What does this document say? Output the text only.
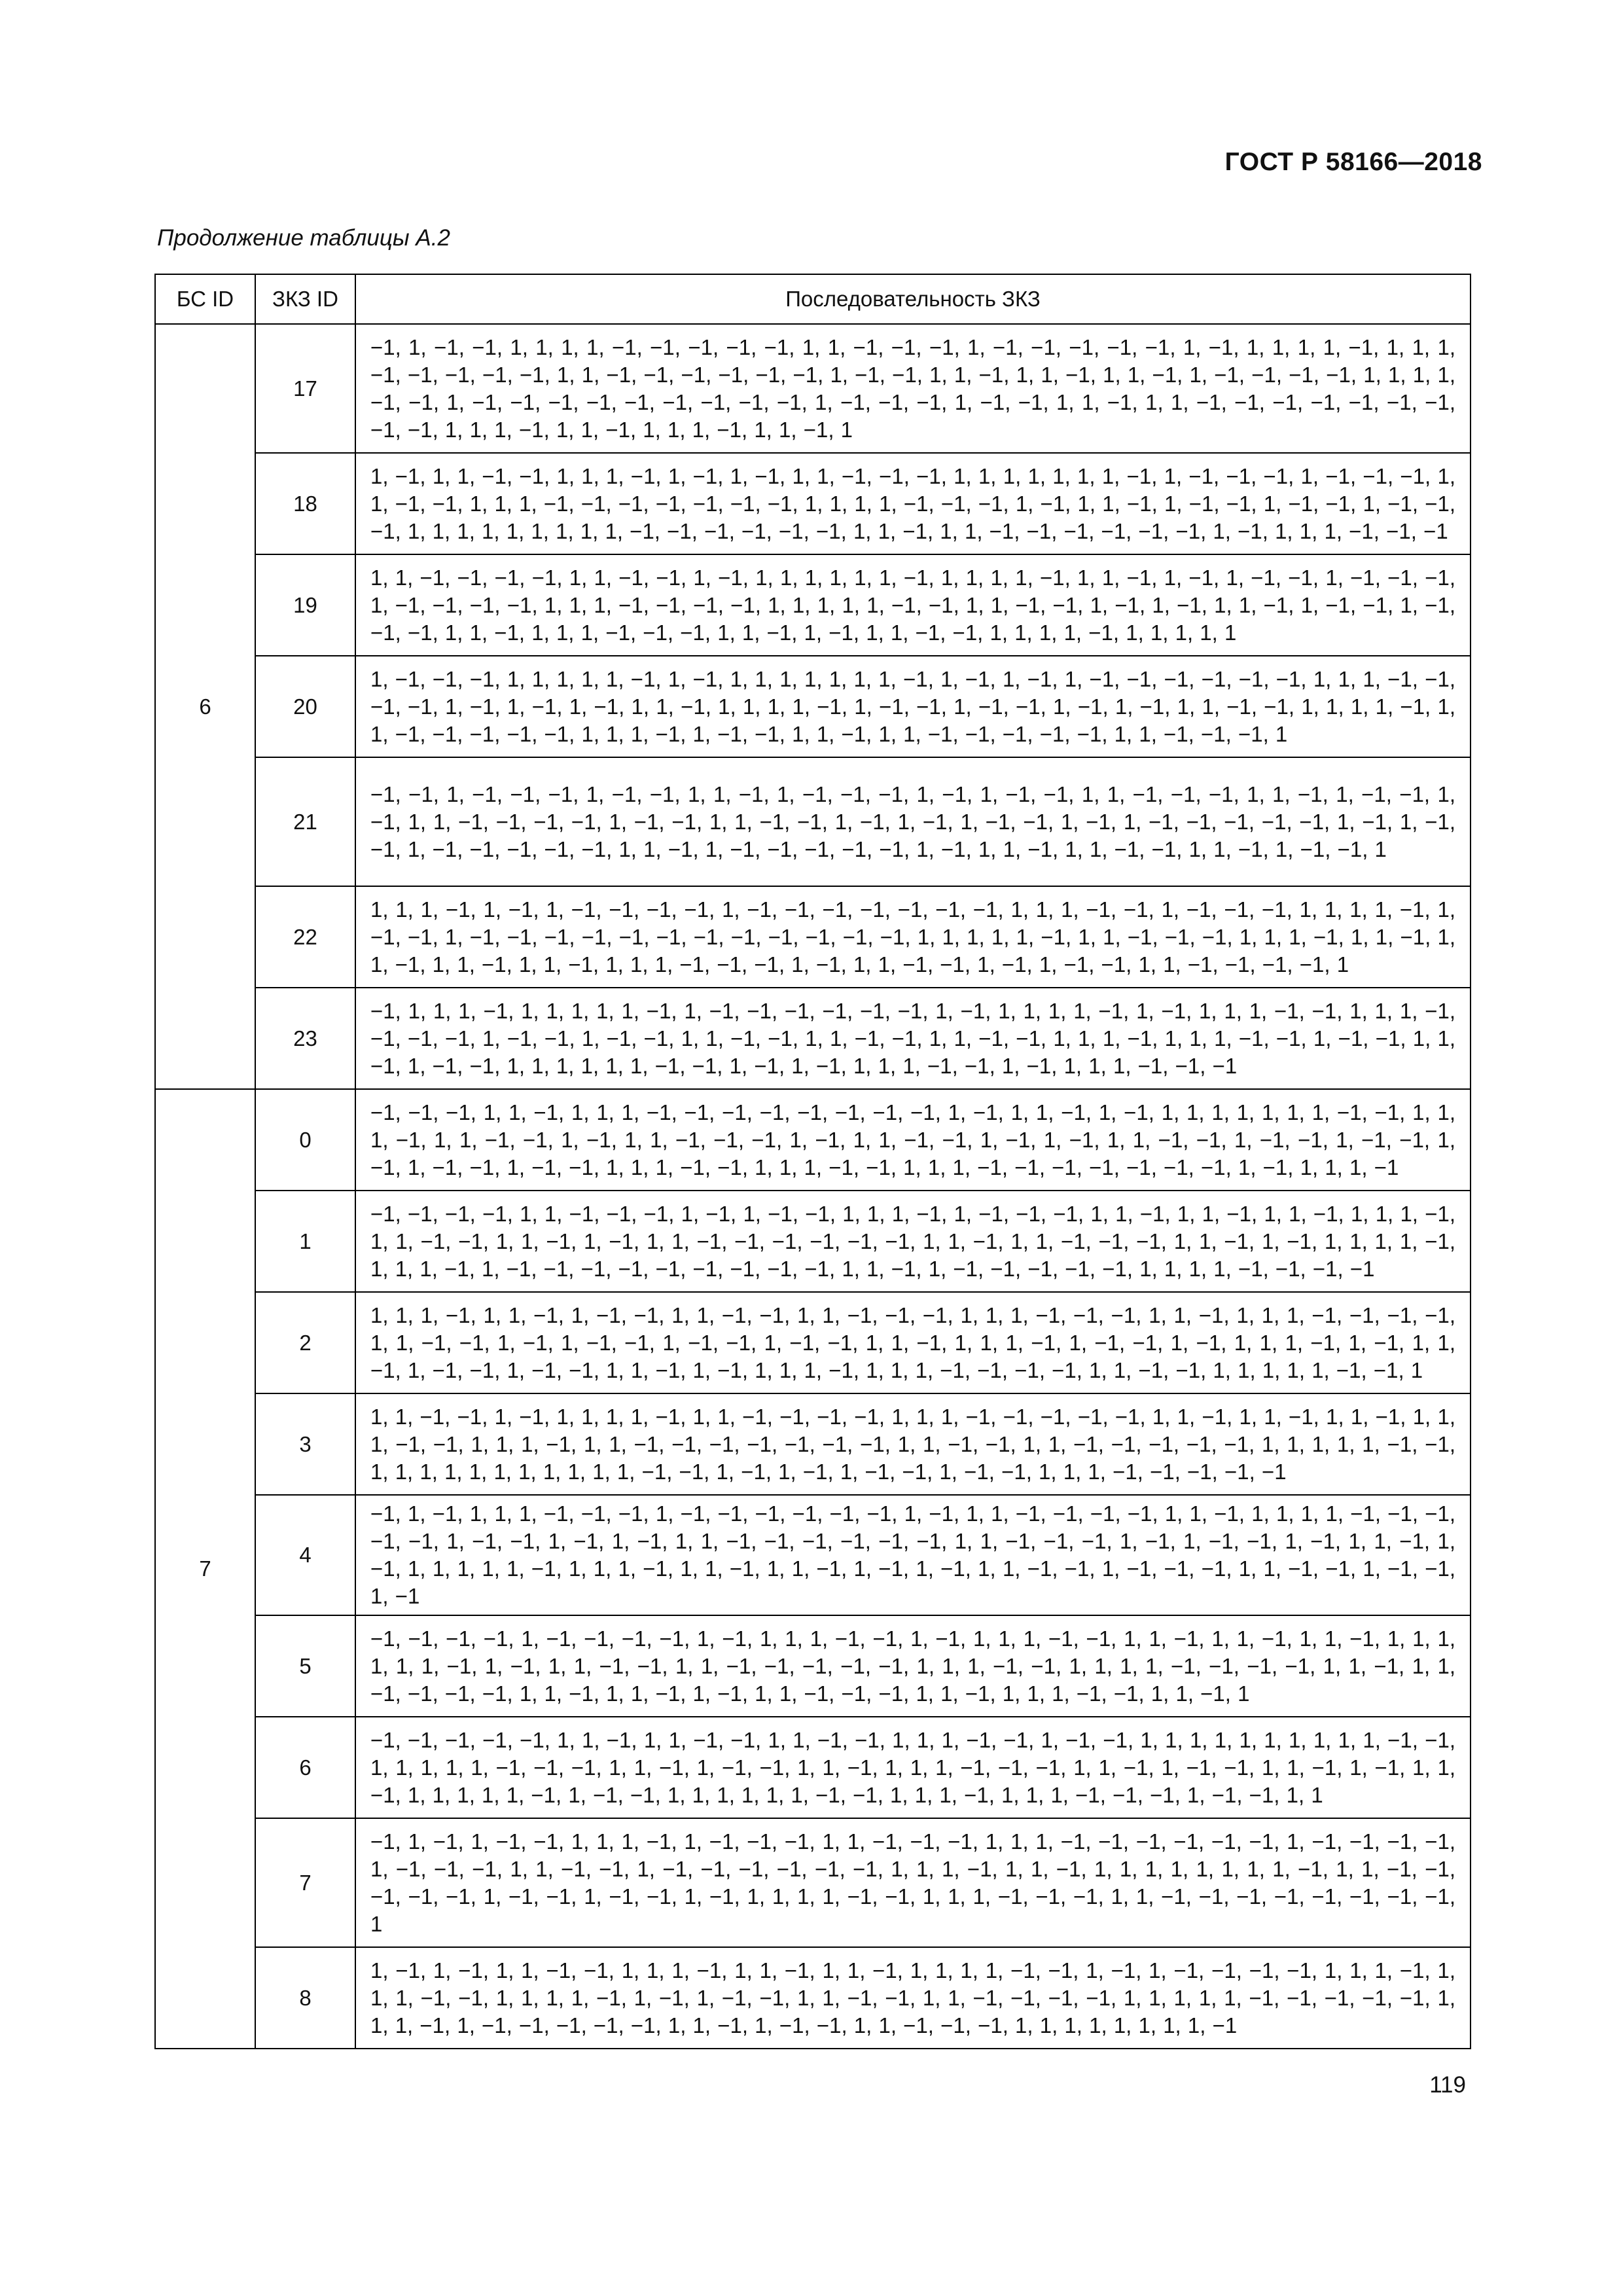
ГОСТ Р 58166—2018
Продолжение таблицы А.2
БС ID	ЗКЗ ID	Последовательность ЗКЗ
6	17	−1, 1, −1, −1, 1, 1, 1, 1, −1, −1, −1, −1, −1, 1, 1, −1, −1, −1, 1, −1, −1, −1, −1, −1, 1, −1, 1, 1, 1, 1, −1, 1, 1, 1, −1, −1, −1, −1, −1, 1, 1, −1, −1, −1, −1, −1, −1, 1, −1, −1, 1, 1, −1, 1, 1, −1, 1, 1, −1, 1, −1, −1, −1, −1, 1, 1, 1, 1, −1, −1, 1, −1, −1, −1, −1, −1, −1, −1, −1, −1, 1, −1, −1, −1, 1, −1, −1, 1, 1, −1, 1, 1, −1, −1, −1, −1, −1, −1, −1, −1, −1, 1, 1, 1, −1, 1, 1, −1, 1, 1, 1, −1, 1, 1, −1, 1
	18	1, −1, 1, 1, −1, −1, 1, 1, 1, −1, 1, −1, 1, −1, 1, 1, −1, −1, −1, 1, 1, 1, 1, 1, 1, 1, −1, 1, −1, −1, −1, 1, −1, −1, −1, 1, 1, −1, −1, 1, 1, 1, −1, −1, −1, −1, −1, −1, −1, 1, 1, 1, 1, −1, −1, −1, 1, −1, 1, 1, −1, 1, −1, −1, 1, −1, −1, 1, −1, −1, −1, 1, 1, 1, 1, 1, 1, 1, 1, 1, −1, −1, −1, −1, −1, −1, 1, 1, −1, 1, 1, −1, −1, −1, −1, −1, −1, 1, −1, 1, 1, 1, −1, −1, −1
	19	1, 1, −1, −1, −1, −1, 1, 1, −1, −1, 1, −1, 1, 1, 1, 1, 1, 1, −1, 1, 1, 1, 1, −1, 1, 1, −1, 1, −1, 1, −1, −1, 1, −1, −1, −1, 1, −1, −1, −1, −1, 1, 1, 1, −1, −1, −1, −1, 1, 1, 1, 1, 1, −1, −1, 1, 1, −1, −1, 1, −1, 1, −1, 1, 1, −1, 1, −1, −1, 1, −1, −1, −1, 1, 1, −1, 1, 1, 1, −1, −1, −1, 1, 1, −1, 1, −1, 1, 1, −1, −1, 1, 1, 1, 1, −1, 1, 1, 1, 1, 1
	20	1, −1, −1, −1, 1, 1, 1, 1, 1, −1, 1, −1, 1, 1, 1, 1, 1, 1, 1, −1, 1, −1, 1, −1, 1, −1, −1, −1, −1, −1, −1, 1, 1, 1, −1, −1, −1, −1, 1, −1, 1, −1, 1, −1, 1, 1, −1, 1, 1, 1, 1, −1, 1, −1, −1, 1, −1, −1, 1, −1, 1, −1, 1, 1, −1, −1, 1, 1, 1, 1, −1, 1, 1, −1, −1, −1, −1, −1, 1, 1, 1, −1, 1, −1, −1, 1, 1, −1, 1, 1, −1, −1, −1, −1, −1, 1, 1, −1, −1, −1, 1
	21	−1, −1, 1, −1, −1, −1, 1, −1, −1, 1, 1, −1, 1, −1, −1, −1, 1, −1, 1, −1, −1, 1, 1, −1, −1, −1, 1, 1, −1, 1, −1, −1, 1, −1, 1, 1, −1, −1, −1, −1, 1, −1, −1, 1, 1, −1, −1, 1, −1, 1, −1, 1, −1, −1, 1, −1, 1, −1, −1, −1, −1, −1, 1, −1, 1, −1, −1, 1, −1, −1, −1, −1, −1, 1, 1, −1, 1, −1, −1, −1, −1, −1, 1, −1, 1, 1, −1, 1, 1, −1, −1, 1, 1, −1, 1, −1, −1, 1
	22	1, 1, 1, −1, 1, −1, 1, −1, −1, −1, −1, 1, −1, −1, −1, −1, −1, −1, −1, 1, 1, 1, −1, −1, 1, −1, −1, −1, 1, 1, 1, 1, −1, 1, −1, −1, 1, −1, −1, −1, −1, −1, −1, −1, −1, −1, −1, −1, −1, 1, 1, 1, 1, 1, −1, 1, 1, −1, −1, −1, 1, 1, 1, −1, 1, 1, −1, 1, 1, −1, 1, 1, −1, 1, 1, −1, 1, 1, 1, −1, −1, −1, 1, −1, 1, 1, −1, −1, 1, −1, 1, −1, −1, 1, 1, −1, −1, −1, −1, 1
	23	−1, 1, 1, 1, −1, 1, 1, 1, 1, 1, −1, 1, −1, −1, −1, −1, −1, −1, 1, −1, 1, 1, 1, 1, −1, 1, −1, 1, 1, 1, −1, −1, 1, 1, 1, −1, −1, −1, −1, 1, −1, −1, 1, −1, −1, 1, 1, −1, −1, 1, 1, −1, −1, 1, 1, −1, −1, 1, 1, 1, −1, 1, 1, 1, −1, −1, 1, −1, −1, 1, 1, −1, 1, −1, −1, 1, 1, 1, 1, 1, 1, −1, −1, 1, −1, 1, −1, 1, 1, 1, −1, −1, 1, −1, 1, 1, 1, −1, −1, −1
7	0	−1, −1, −1, 1, 1, −1, 1, 1, 1, −1, −1, −1, −1, −1, −1, −1, −1, 1, −1, 1, 1, −1, 1, −1, 1, 1, 1, 1, 1, 1, 1, −1, −1, 1, 1, 1, −1, 1, 1, −1, −1, 1, −1, 1, 1, −1, −1, −1, 1, −1, 1, 1, −1, −1, 1, −1, 1, −1, 1, 1, −1, −1, 1, −1, −1, 1, −1, −1, 1, −1, 1, −1, −1, 1, −1, −1, 1, 1, 1, −1, −1, 1, 1, 1, −1, −1, 1, 1, 1, −1, −1, −1, −1, −1, −1, −1, 1, −1, 1, 1, 1, −1
	1	−1, −1, −1, −1, 1, 1, −1, −1, −1, 1, −1, 1, −1, −1, 1, 1, 1, −1, 1, −1, −1, −1, 1, 1, −1, 1, 1, −1, 1, 1, −1, 1, 1, 1, −1, 1, 1, −1, −1, 1, 1, −1, 1, −1, 1, 1, −1, −1, −1, −1, −1, −1, 1, 1, −1, 1, 1, −1, −1, −1, 1, 1, −1, 1, −1, 1, 1, 1, 1, −1, 1, 1, 1, −1, 1, −1, −1, −1, −1, −1, −1, −1, −1, −1, 1, 1, −1, 1, −1, −1, −1, −1, −1, 1, 1, 1, 1, −1, −1, −1, −1
	2	1, 1, 1, −1, 1, 1, −1, 1, −1, −1, 1, 1, −1, −1, 1, 1, −1, −1, −1, 1, 1, 1, −1, −1, −1, 1, 1, −1, 1, 1, 1, −1, −1, −1, −1, 1, 1, −1, −1, 1, −1, 1, −1, −1, 1, −1, −1, 1, −1, −1, 1, 1, −1, 1, 1, 1, −1, 1, −1, −1, 1, −1, 1, 1, 1, −1, 1, −1, 1, 1, −1, 1, −1, −1, 1, −1, −1, 1, 1, −1, 1, −1, 1, 1, 1, −1, 1, 1, 1, −1, −1, −1, −1, 1, 1, −1, −1, 1, 1, 1, 1, 1, −1, −1, 1
	3	1, 1, −1, −1, 1, −1, 1, 1, 1, 1, −1, 1, 1, −1, −1, −1, −1, 1, 1, 1, −1, −1, −1, −1, −1, 1, 1, −1, 1, 1, −1, 1, 1, −1, 1, 1, 1, −1, −1, 1, 1, 1, −1, 1, 1, −1, −1, −1, −1, −1, −1, −1, 1, 1, −1, −1, 1, 1, −1, −1, −1, −1, −1, 1, 1, 1, 1, 1, −1, −1, 1, 1, 1, 1, 1, 1, 1, 1, 1, 1, 1, −1, −1, 1, −1, 1, −1, 1, −1, −1, 1, −1, −1, 1, 1, 1, −1, −1, −1, −1, −1
	4	−1, 1, −1, 1, 1, 1, −1, −1, −1, 1, −1, −1, −1, −1, −1, −1, 1, −1, 1, 1, −1, −1, −1, −1, 1, 1, −1, 1, 1, 1, 1, −1, −1, −1, −1, −1, 1, −1, −1, 1, −1, 1, −1, 1, 1, −1, −1, −1, −1, −1, −1, 1, 1, −1, −1, −1, 1, −1, 1, −1, −1, 1, −1, 1, 1, −1, 1, −1, 1, 1, 1, 1, 1, −1, 1, 1, 1, −1, 1, 1, −1, 1, 1, −1, 1, −1, 1, −1, 1, 1, −1, −1, 1, −1, −1, −1, 1, 1, −1, −1, 1, −1, −1, 1, −1
	5	−1, −1, −1, −1, 1, −1, −1, −1, −1, 1, −1, 1, 1, 1, −1, −1, 1, −1, 1, 1, 1, −1, −1, 1, 1, −1, 1, 1, −1, 1, 1, −1, 1, 1, 1, 1, 1, 1, −1, 1, −1, 1, 1, −1, −1, 1, 1, −1, −1, −1, −1, −1, 1, 1, 1, −1, −1, 1, 1, 1, 1, −1, −1, −1, −1, 1, 1, −1, 1, 1, −1, −1, −1, −1, 1, 1, −1, 1, 1, −1, 1, −1, 1, 1, −1, −1, −1, 1, 1, −1, 1, 1, 1, −1, −1, 1, 1, −1, 1
	6	−1, −1, −1, −1, −1, 1, 1, −1, 1, 1, −1, −1, 1, 1, −1, −1, 1, 1, 1, −1, −1, 1, −1, −1, 1, 1, 1, 1, 1, 1, 1, 1, 1, 1, −1, −1, 1, 1, 1, 1, 1, −1, −1, −1, 1, 1, −1, 1, −1, −1, 1, 1, −1, 1, 1, 1, −1, −1, −1, 1, 1, −1, 1, −1, −1, 1, 1, −1, 1, −1, 1, 1, −1, 1, 1, 1, 1, 1, −1, 1, −1, −1, 1, 1, 1, 1, 1, 1, −1, −1, 1, 1, 1, −1, 1, 1, 1, −1, −1, −1, 1, −1, −1, 1, 1
	7	−1, 1, −1, 1, −1, −1, 1, 1, 1, −1, 1, −1, −1, −1, 1, 1, −1, −1, −1, 1, 1, 1, −1, −1, −1, −1, −1, −1, 1, −1, −1, −1, −1, 1, −1, −1, −1, 1, 1, −1, −1, 1, −1, −1, −1, −1, −1, −1, 1, 1, 1, −1, 1, 1, −1, 1, 1, 1, 1, 1, 1, 1, 1, −1, 1, 1, −1, −1, −1, −1, −1, 1, −1, −1, 1, −1, −1, 1, −1, 1, 1, 1, 1, −1, −1, 1, 1, 1, −1, −1, −1, 1, 1, −1, −1, −1, −1, −1, −1, −1, −1, 1
	8	1, −1, 1, −1, 1, 1, −1, −1, 1, 1, 1, −1, 1, 1, −1, 1, 1, −1, 1, 1, 1, 1, −1, −1, 1, −1, 1, −1, −1, −1, −1, 1, 1, 1, −1, 1, 1, 1, −1, −1, 1, 1, 1, 1, −1, 1, −1, 1, −1, −1, 1, 1, −1, −1, 1, 1, −1, −1, −1, −1, 1, 1, 1, 1, 1, −1, −1, −1, −1, −1, 1, 1, 1, −1, 1, −1, −1, −1, −1, −1, 1, 1, −1, 1, −1, −1, 1, 1, −1, −1, −1, 1, 1, 1, 1, 1, 1, 1, 1, −1
119
